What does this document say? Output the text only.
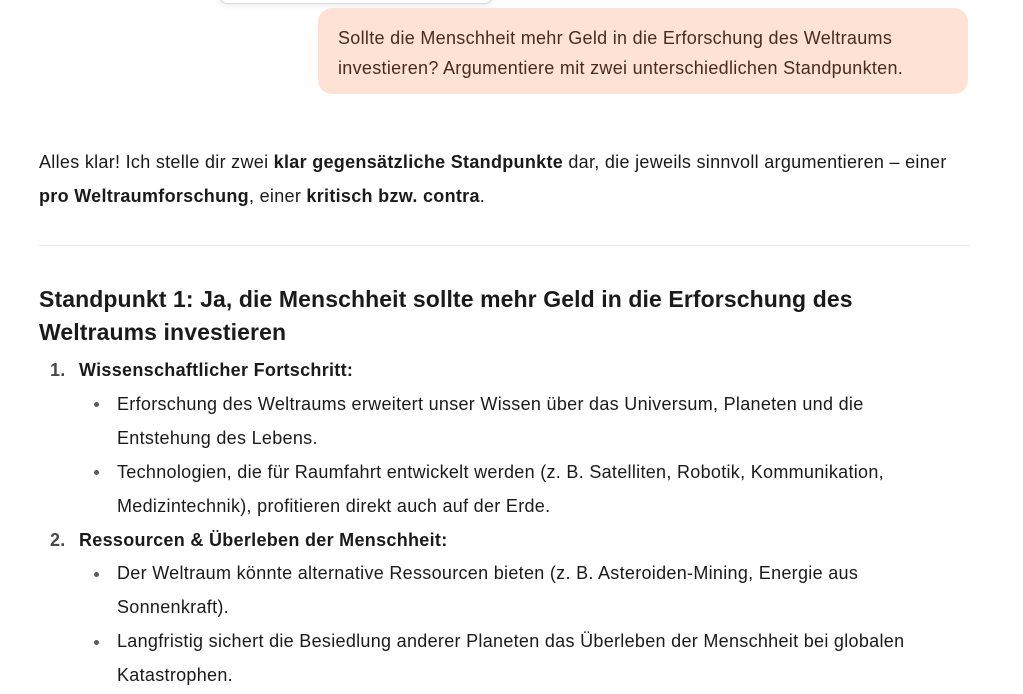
Sollte die Menschheit mehr Geld in die Erforschung des Weltraums investieren? Argumentiere mit zwei unterschiedlichen Standpunkten.

Alles klar! Ich stelle dir zwei klar gegensätzliche Standpunkte dar, die jeweils sinnvoll argumentieren – einer pro Weltraumforschung, einer kritisch bzw. contra.

Standpunkt 1: Ja, die Menschheit sollte mehr Geld in die Erforschung des Weltraums investieren
1. Wissenschaftlicher Fortschritt:
Erforschung des Weltraums erweitert unser Wissen über das Universum, Planeten und die Entstehung des Lebens.
Technologien, die für Raumfahrt entwickelt werden (z. B. Satelliten, Robotik, Kommunikation, Medizintechnik), profitieren direkt auch auf der Erde.
2. Ressourcen & Überleben der Menschheit:
Der Weltraum könnte alternative Ressourcen bieten (z. B. Asteroiden-Mining, Energie aus Sonnenkraft).
Langfristig sichert die Besiedlung anderer Planeten das Überleben der Menschheit bei globalen Katastrophen.
